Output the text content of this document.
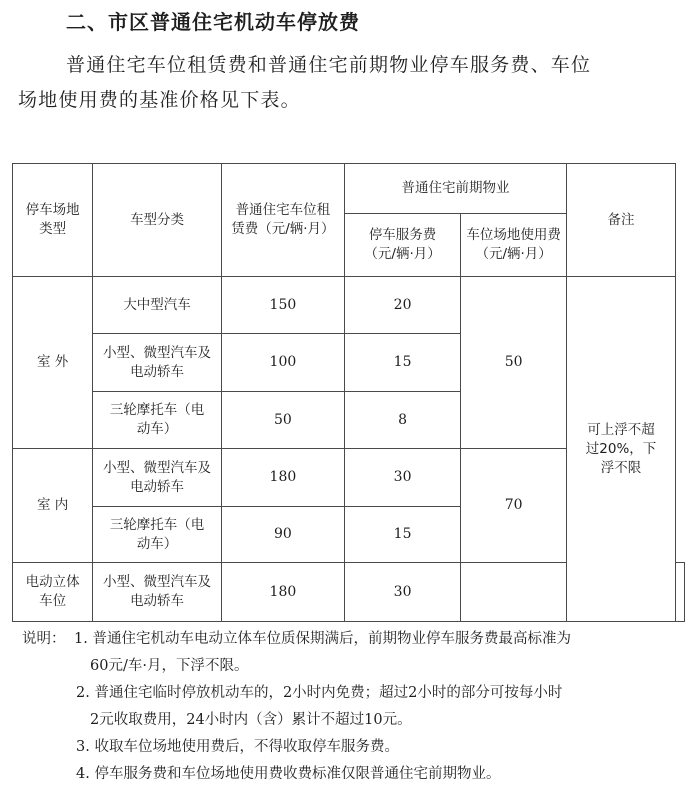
二、市区普通住宅机动车停放费
普通住宅车位租赁费和普通住宅前期物业停车服务费、车位
场地使用费的基准价格见下表。
停车场地类型	车型分类	普通住宅车位租赁费（元/辆·月）	普通住宅前期物业		备注	

			停车服务费（元/辆·月）	车位场地使用费（元/辆·月）		

室 外	大中型汽车	150	20	50	可上浮不超过20%，下浮不限	

	小型、微型汽车及电动轿车	100	15			

	三轮摩托车（电动车）	50	8			
室 内	小型、微型汽车及电动轿车	180	30	70		

	三轮摩托车（电动车）	90	15			

电动立体车位	小型、微型汽车及电动轿车	180	30			
说明： 1. 普通住宅机动车电动立体车位质保期满后，前期物业停车服务费最高标准为
60元/车·月，下浮不限。
2. 普通住宅临时停放机动车的，2小时内免费；超过2小时的部分可按每小时
2元收取费用，24小时内（含）累计不超过10元。
3. 收取车位场地使用费后，不得收取停车服务费。
4. 停车服务费和车位场地使用费收费标准仅限普通住宅前期物业。
